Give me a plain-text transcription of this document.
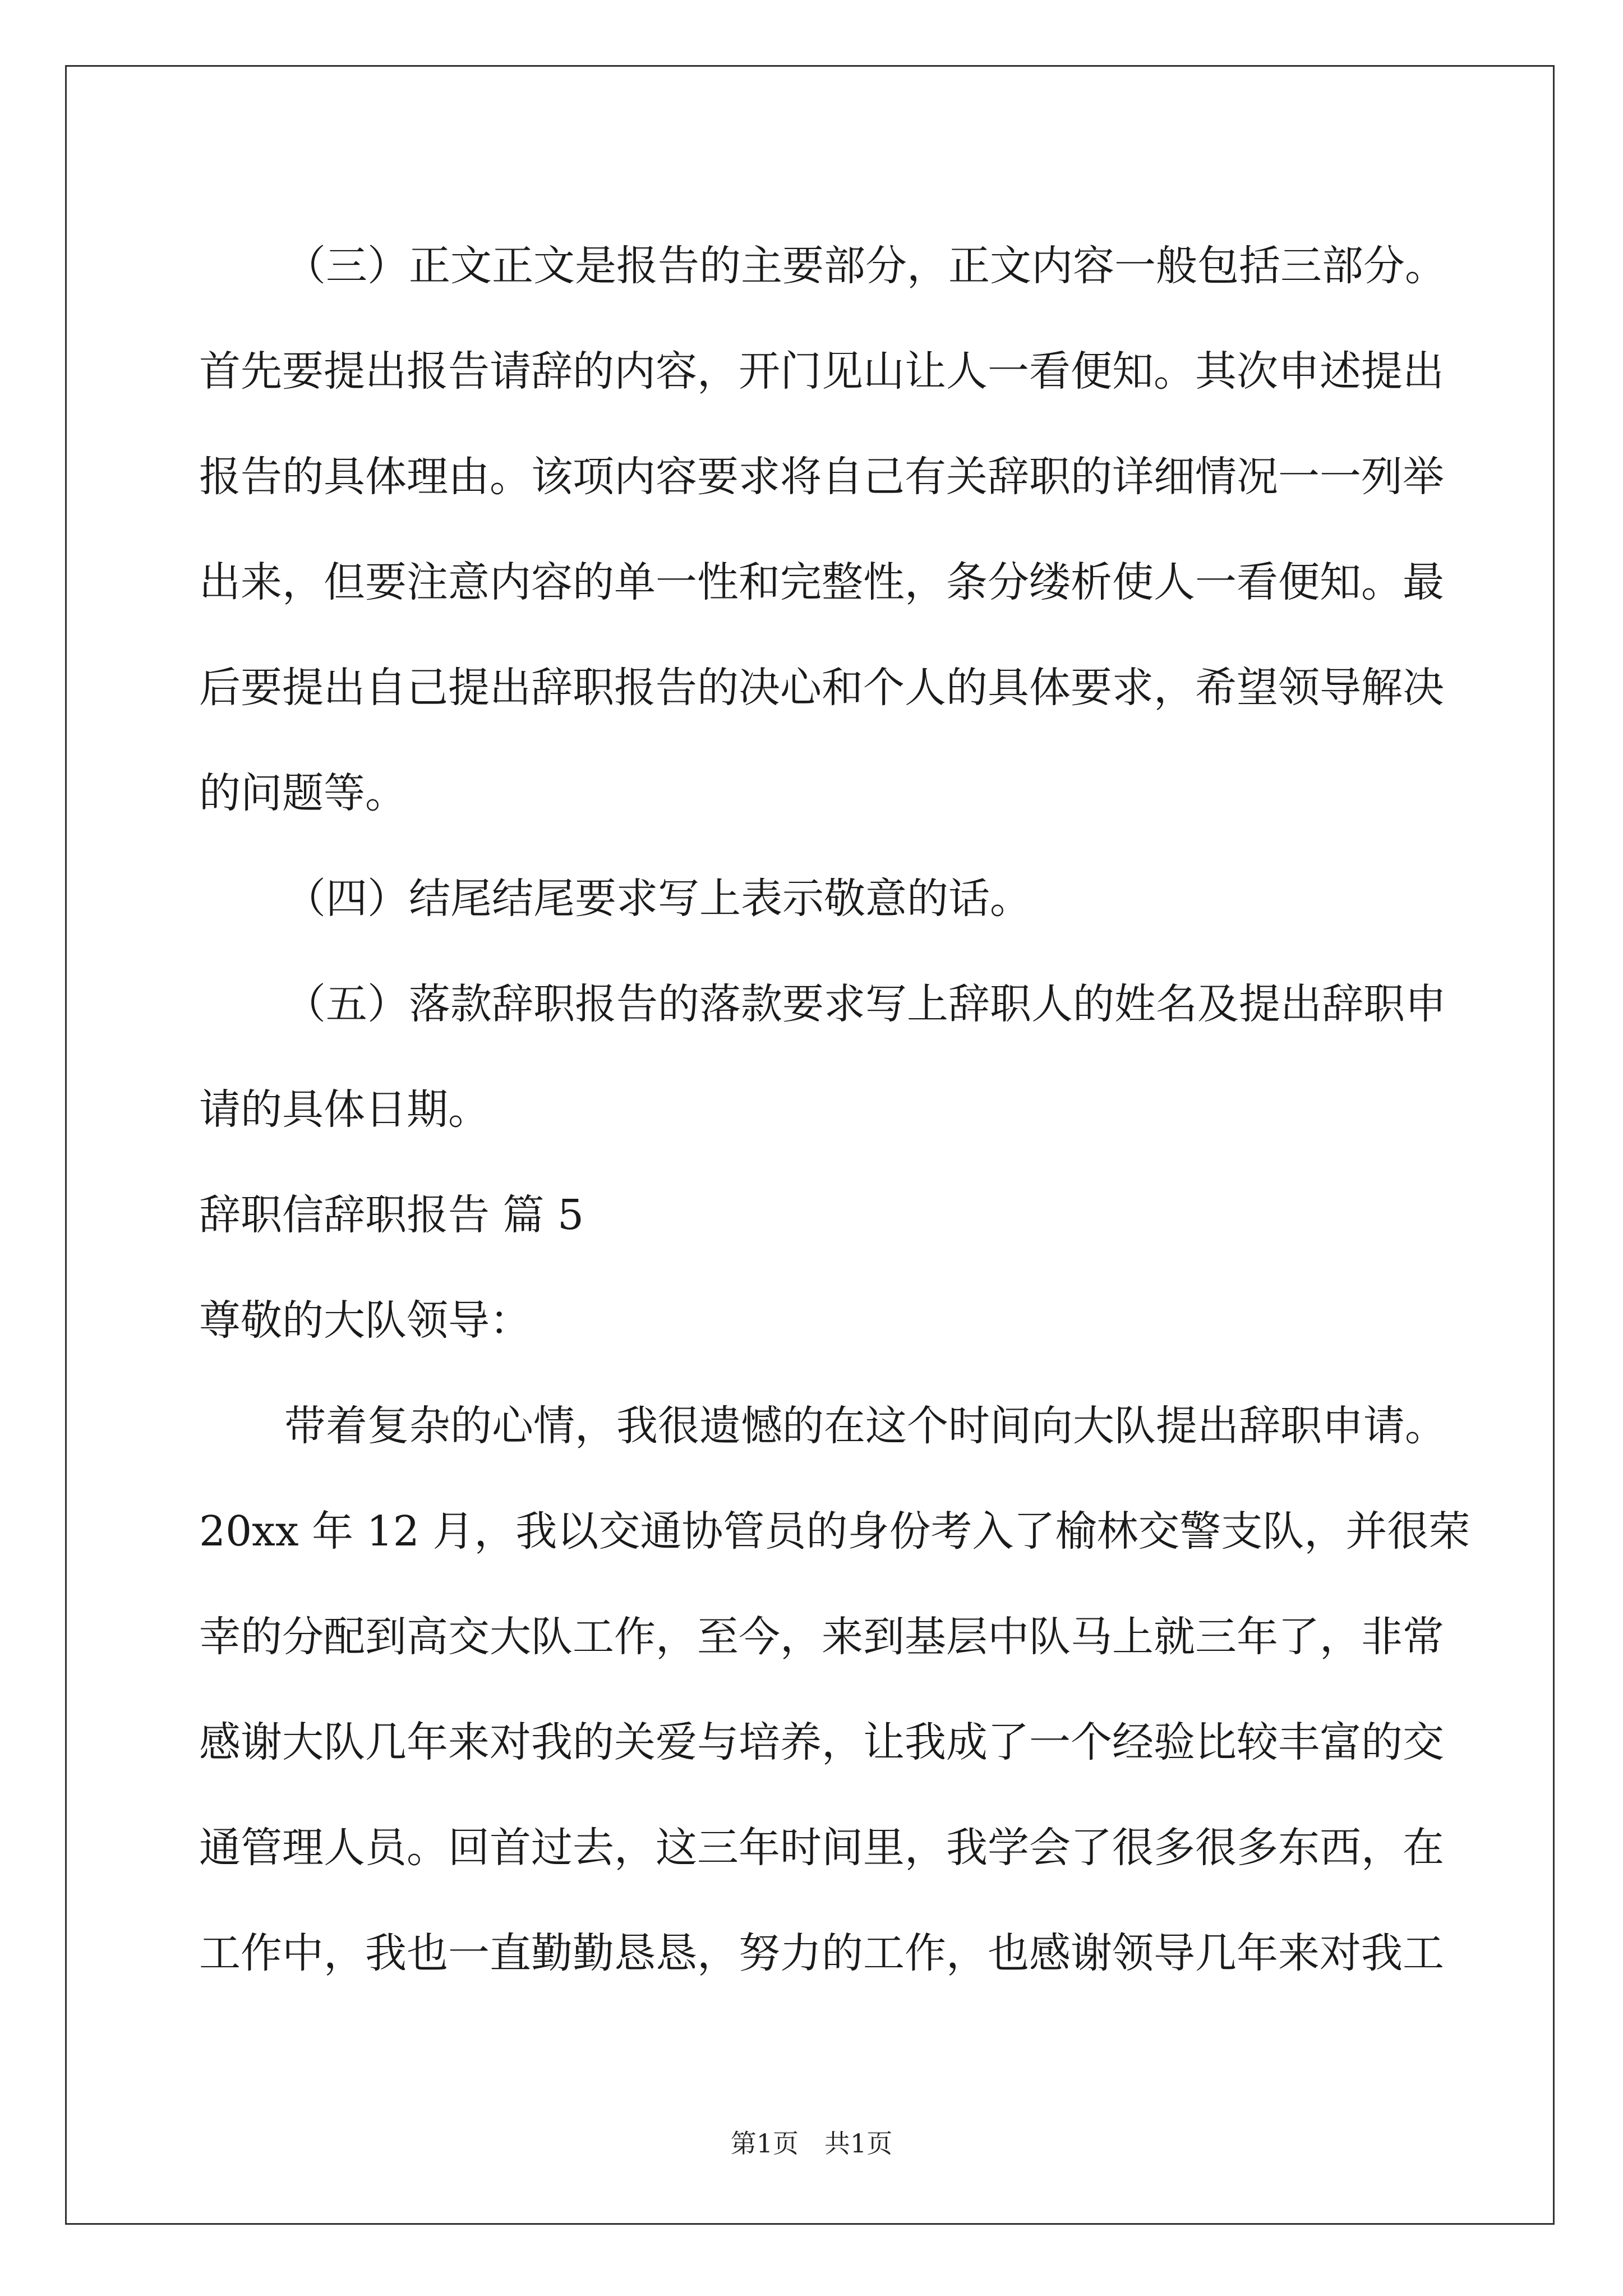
（三）正文正文是报告的主要部分，正文内容一般包括三部分。
首先要提出报告请辞的内容，开门见山让人一看便知。其次申述提出
报告的具体理由。该项内容要求将自己有关辞职的详细情况一一列举
出来，但要注意内容的单一性和完整性，条分缕析使人一看便知。最
后要提出自己提出辞职报告的决心和个人的具体要求，希望领导解决
的问题等。
（四）结尾结尾要求写上表示敬意的话。
（五）落款辞职报告的落款要求写上辞职人的姓名及提出辞职申
请的具体日期。
辞职信辞职报告 篇 5
尊敬的大队领导：
带着复杂的心情，我很遗憾的在这个时间向大队提出辞职申请。
20xx 年 12 月，我以交通协管员的身份考入了榆林交警支队，并很荣
幸的分配到高交大队工作，至今，来到基层中队马上就三年了，非常
感谢大队几年来对我的关爱与培养，让我成了一个经验比较丰富的交
通管理人员。回首过去，这三年时间里，我学会了很多很多东西，在
工作中，我也一直勤勤恳恳，努力的工作，也感谢领导几年来对我工
第1页　共1页
